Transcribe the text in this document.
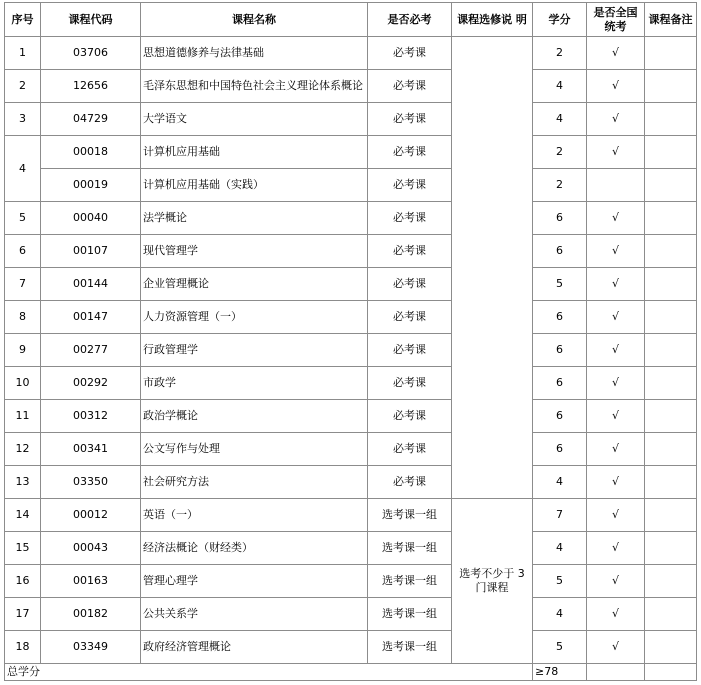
序号	课程代码	课程名称	是否必考	课程选修说 明	学分	是否全国统考	课程备注
1	03706	思想道德修养与法律基础	必考课		2	√	
2	12656	毛泽东思想和中国特色社会主义理论体系概论	必考课		4	√	
3	04729	大学语文	必考课		4	√	
4	00018	计算机应用基础	必考课		2	√	
	00019	计算机应用基础（实践）	必考课		2		
5	00040	法学概论	必考课		6	√	
6	00107	现代管理学	必考课		6	√	
7	00144	企业管理概论	必考课		5	√	
8	00147	人力资源管理（一）	必考课		6	√	
9	00277	行政管理学	必考课		6	√	
10	00292	市政学	必考课		6	√	
11	00312	政治学概论	必考课		6	√	
12	00341	公文写作与处理	必考课		6	√	
13	03350	社会研究方法	必考课		4	√	
14	00012	英语（一）	选考课一组	选考不少于 3 门课程	7	√	
15	00043	经济法概论（财经类）	选考课一组		4	√	
16	00163	管理心理学	选考课一组		5	√	
17	00182	公共关系学	选考课一组		4	√	
18	03349	政府经济管理概论	选考课一组		5	√	
总学分					≥78		
